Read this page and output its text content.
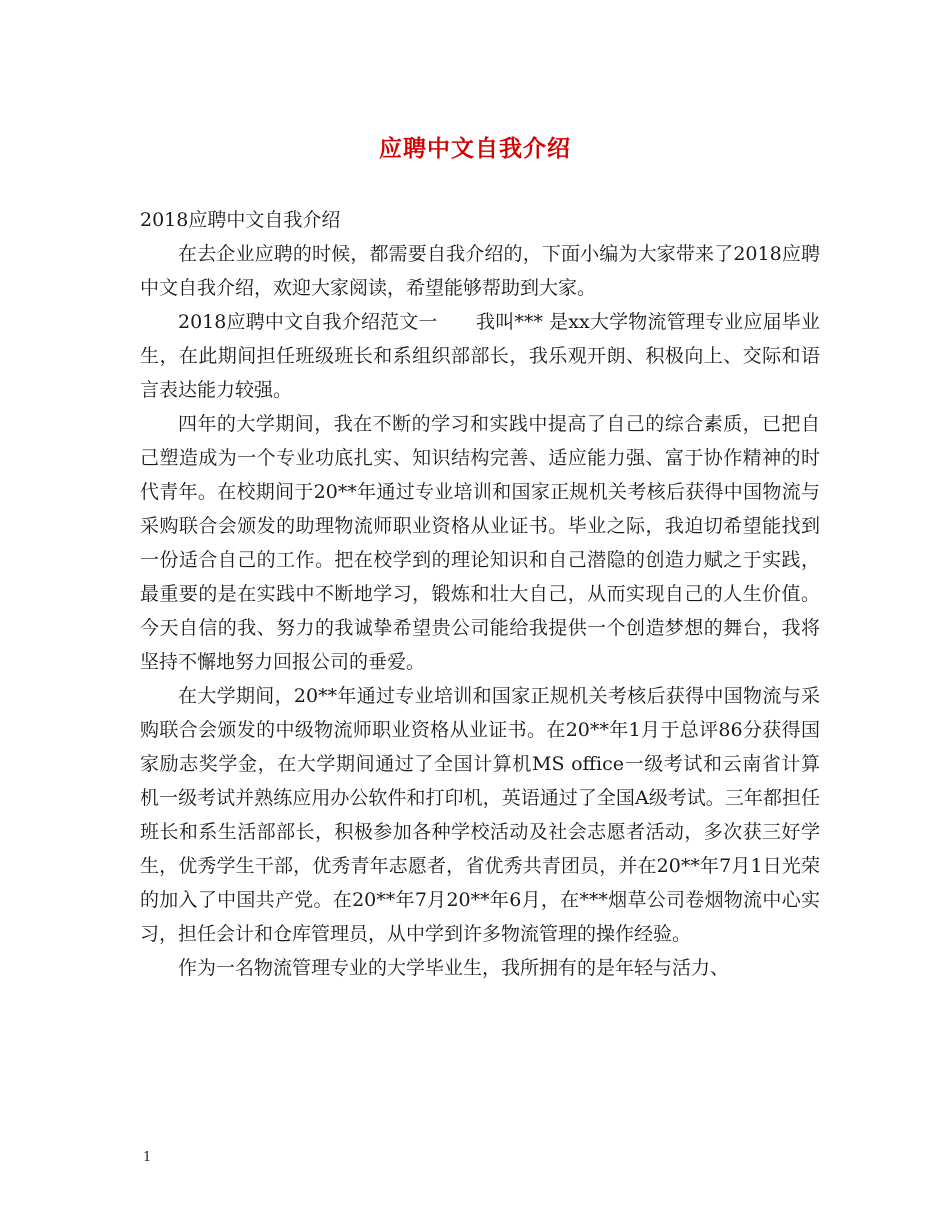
应聘中文自我介绍

2018应聘中文自我介绍

在去企业应聘的时候，都需要自我介绍的，下面小编为大家带来了2018应聘中文自我介绍，欢迎大家阅读，希望能够帮助到大家。

2018应聘中文自我介绍范文一　　我叫*** 是xx大学物流管理专业应届毕业生，在此期间担任班级班长和系组织部部长，我乐观开朗、积极向上、交际和语言表达能力较强。

四年的大学期间，我在不断的学习和实践中提高了自己的综合素质，已把自己塑造成为一个专业功底扎实、知识结构完善、适应能力强、富于协作精神的时代青年。在校期间于20**年通过专业培训和国家正规机关考核后获得中国物流与采购联合会颁发的助理物流师职业资格从业证书。毕业之际，我迫切希望能找到一份适合自己的工作。把在校学到的理论知识和自己潜隐的创造力赋之于实践，最重要的是在实践中不断地学习，锻炼和壮大自己，从而实现自己的人生价值。今天自信的我、努力的我诚挚希望贵公司能给我提供一个创造梦想的舞台，我将坚持不懈地努力回报公司的垂爱。

在大学期间，20**年通过专业培训和国家正规机关考核后获得中国物流与采购联合会颁发的中级物流师职业资格从业证书。在20**年1月于总评86分获得国家励志奖学金，在大学期间通过了全国计算机MS office一级考试和云南省计算机一级考试并熟练应用办公软件和打印机，英语通过了全国A级考试。三年都担任班长和系生活部部长，积极参加各种学校活动及社会志愿者活动，多次获三好学生，优秀学生干部，优秀青年志愿者，省优秀共青团员，并在20**年7月1日光荣的加入了中国共产党。在20**年7月20**年6月，在***烟草公司卷烟物流中心实习，担任会计和仓库管理员，从中学到许多物流管理的操作经验。

作为一名物流管理专业的大学毕业生，我所拥有的是年轻与活力、

1
